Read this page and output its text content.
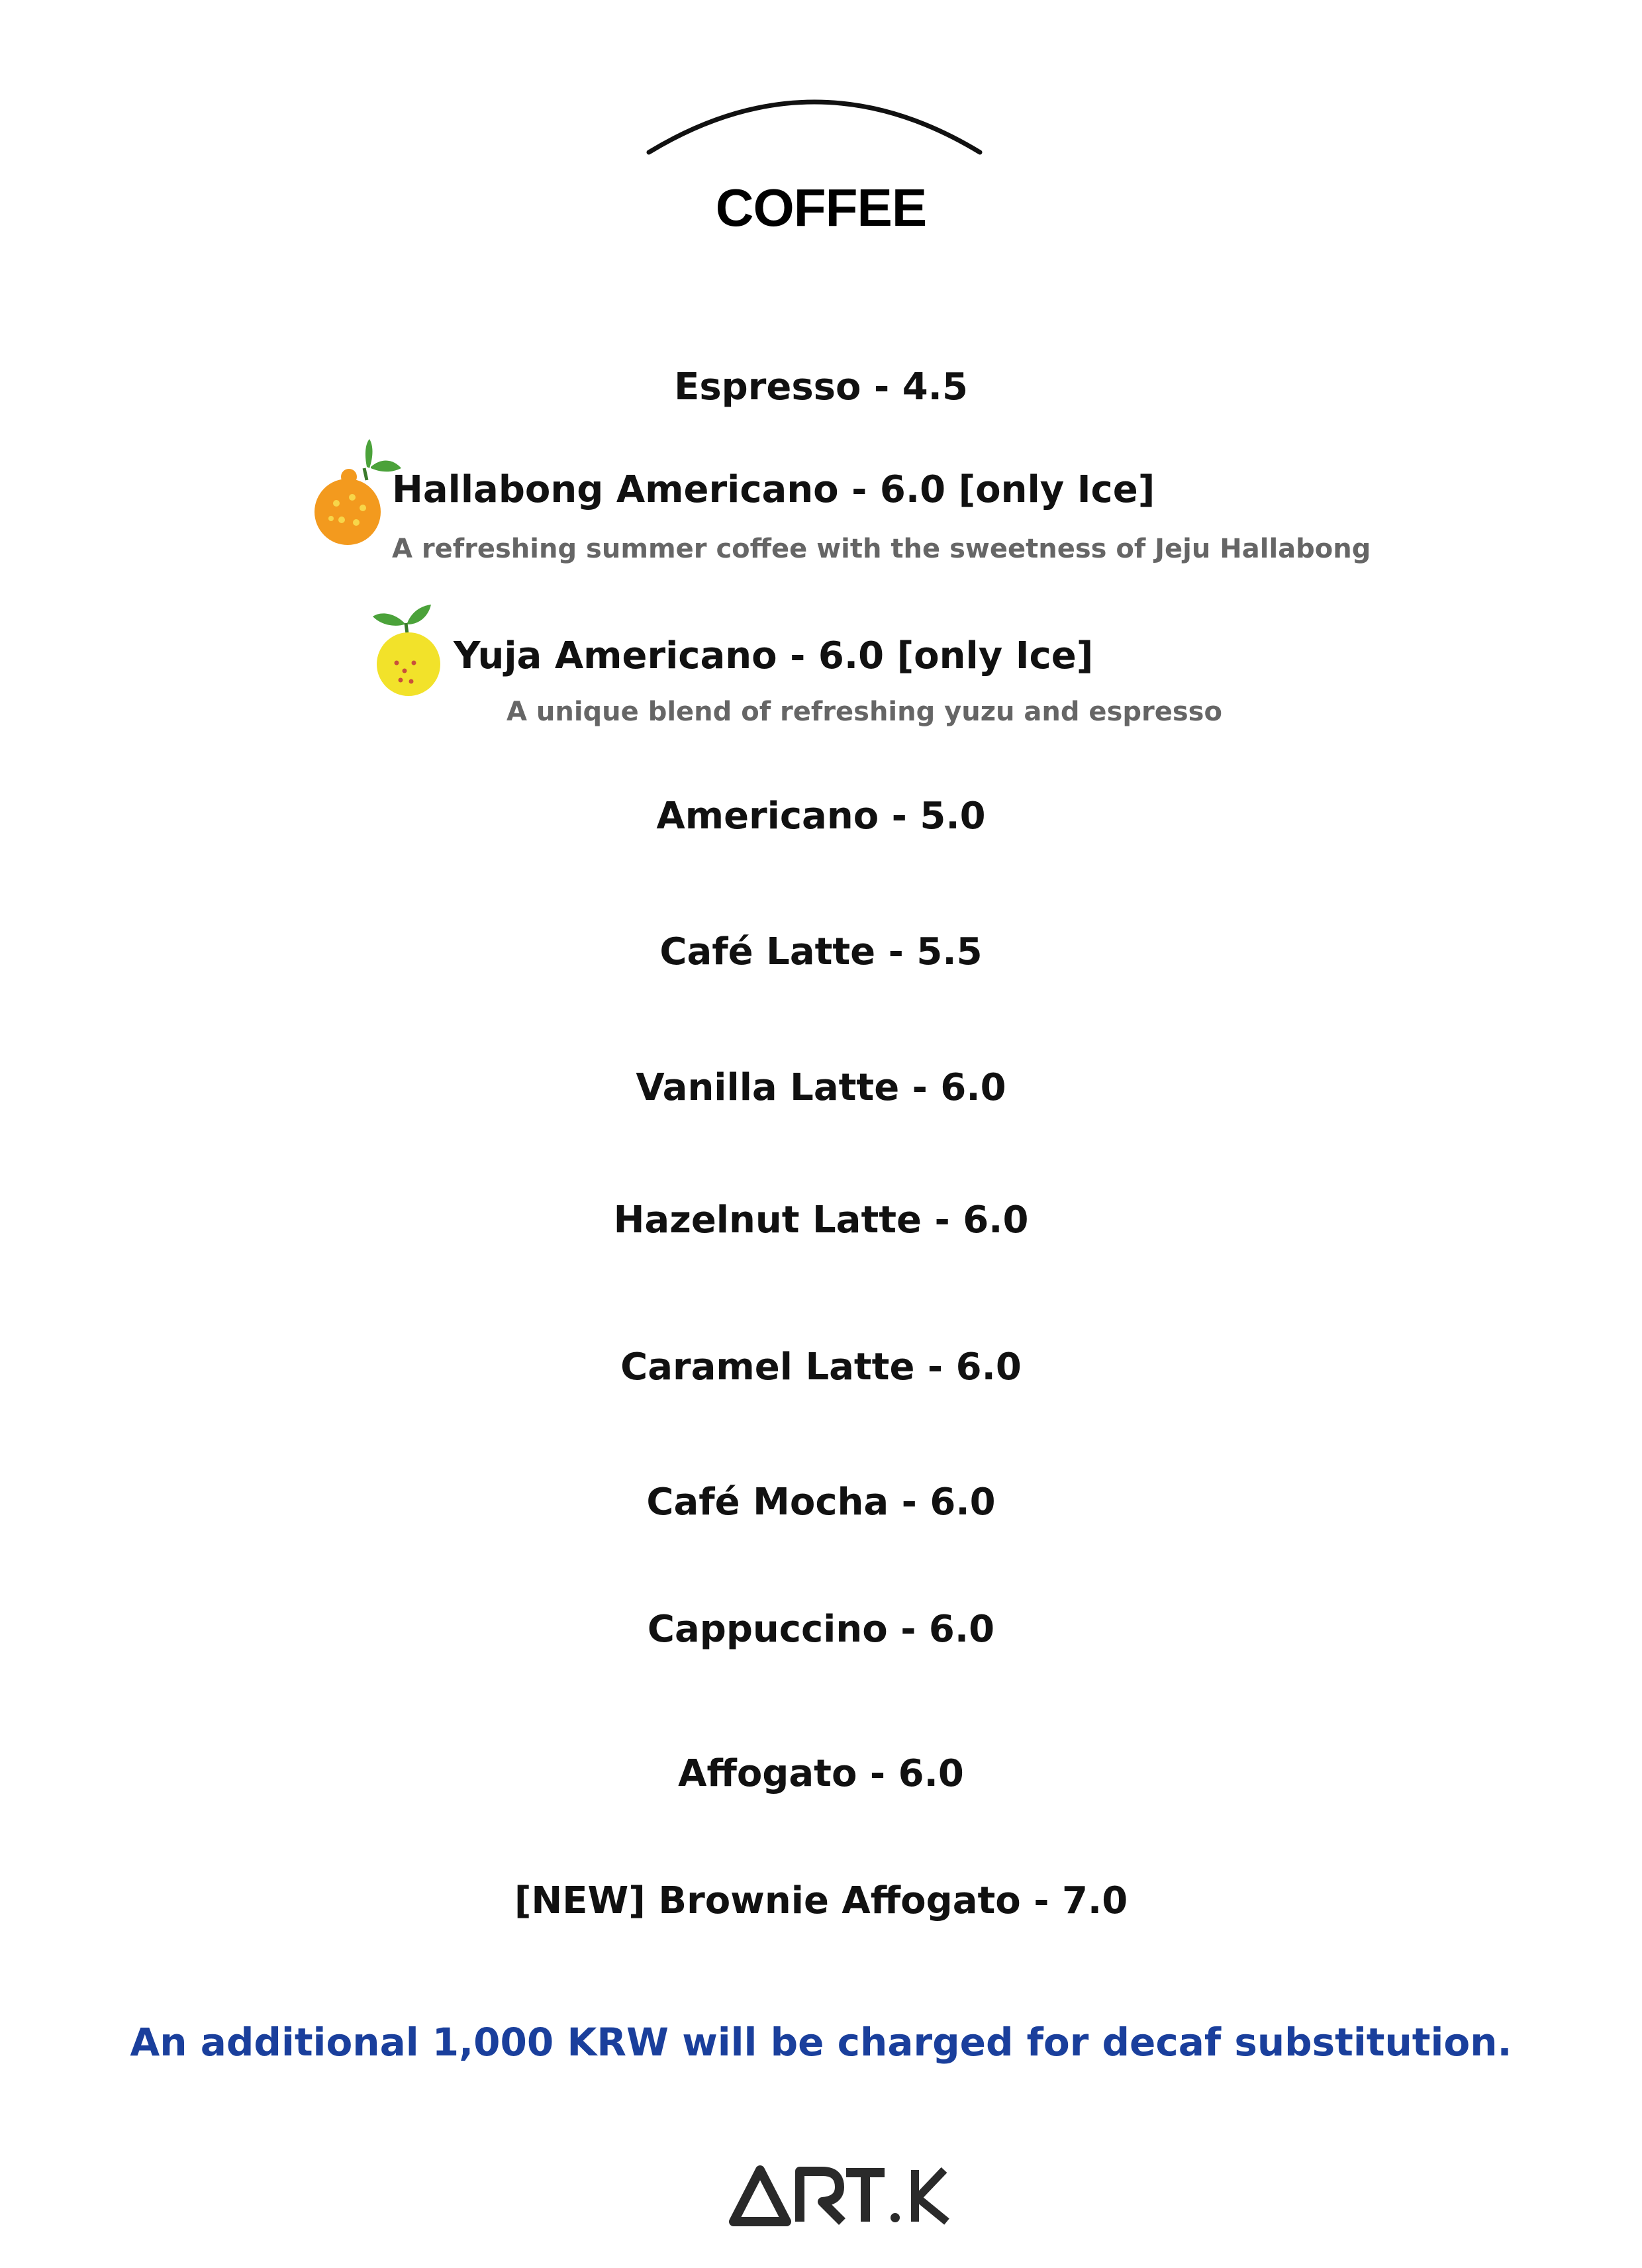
COFFEE
Espresso - 4.5
Hallabong Americano - 6.0 [only Ice]
A refreshing summer coffee with the sweetness of Jeju Hallabong
Yuja Americano - 6.0 [only Ice]
A unique blend of refreshing yuzu and espresso
Americano - 5.0
Café Latte - 5.5
Vanilla Latte - 6.0
Hazelnut Latte - 6.0
Caramel Latte - 6.0
Café Mocha - 6.0
Cappuccino - 6.0
Affogato - 6.0
[NEW] Brownie Affogato - 7.0
An additional 1,000 KRW will be charged for decaf substitution.
